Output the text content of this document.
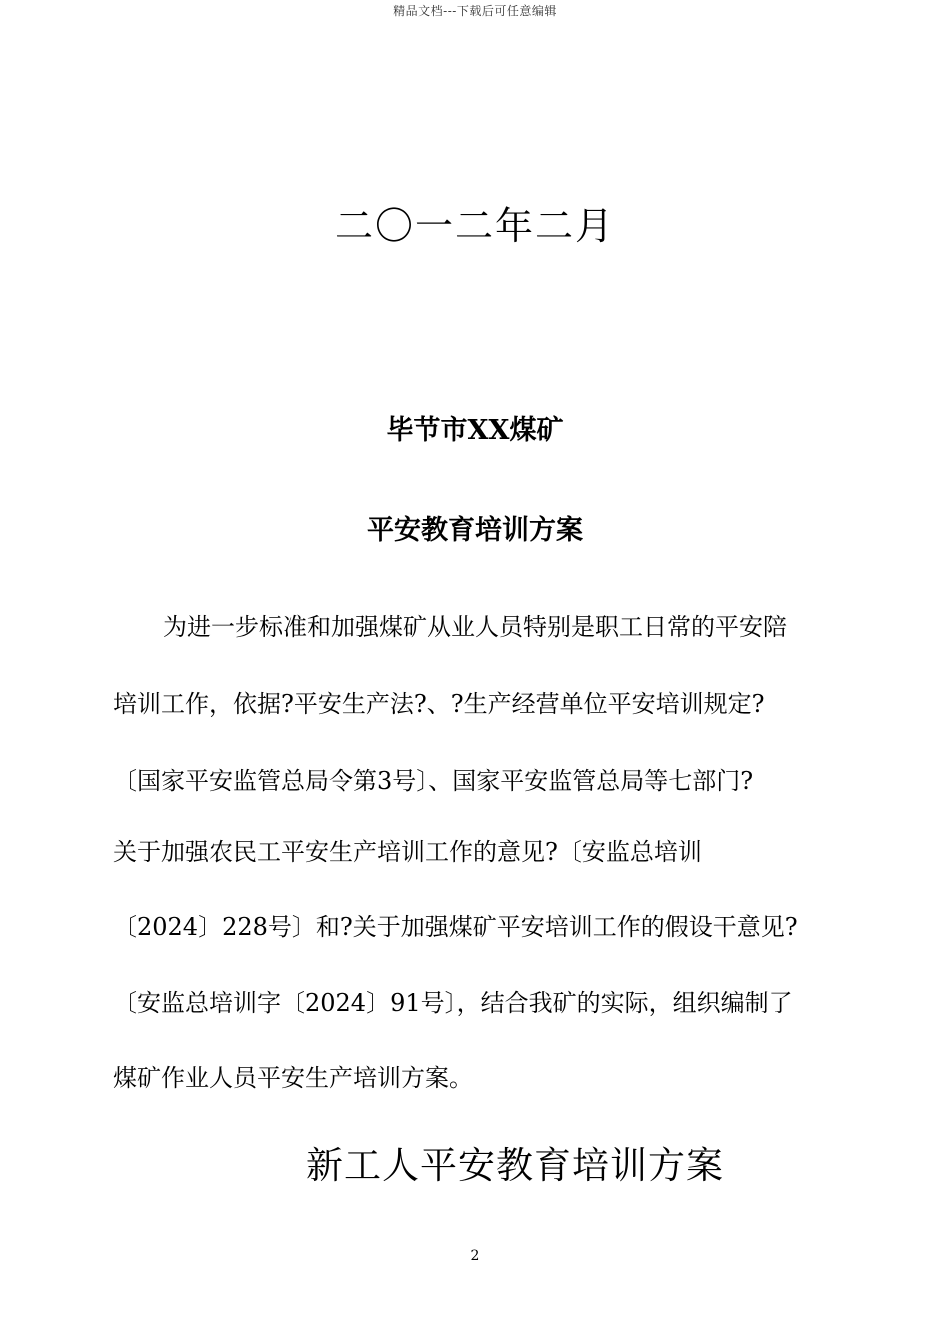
精品文档---下载后可任意编辑
二〇一二年二月
毕节市XX煤矿
平安教育培训方案
为进一步标准和加强煤矿从业人员特别是职工日常的平安陪
培训工作，依据?平安生产法?、?生产经营单位平安培训规定?
〔国家平安监管总局令第3号〕、国家平安监管总局等七部门?
关于加强农民工平安生产培训工作的意见?〔安监总培训
〔2024〕228号〕和?关于加强煤矿平安培训工作的假设干意见?
〔安监总培训字〔2024〕91号〕，结合我矿的实际，组织编制了
煤矿作业人员平安生产培训方案。
新工人平安教育培训方案
2
